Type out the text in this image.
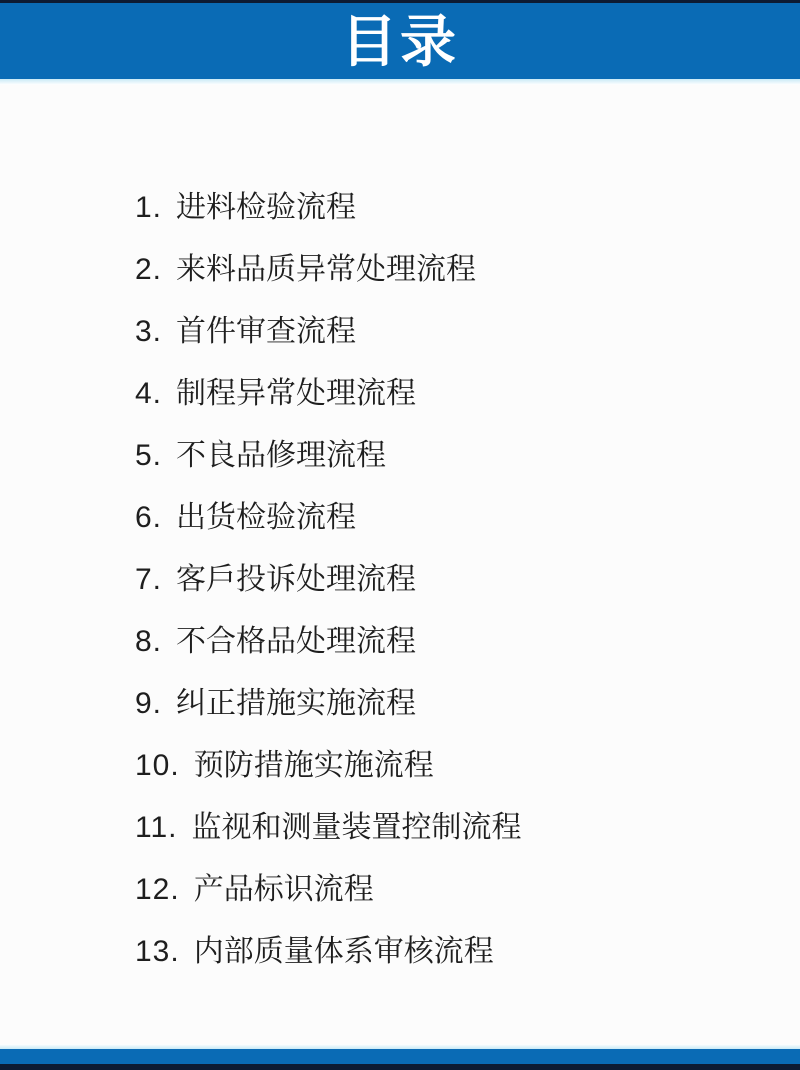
目录
1. 进料检验流程
2. 来料品质异常处理流程
3. 首件审查流程
4. 制程异常处理流程
5. 不良品修理流程
6. 出货检验流程
7. 客戶投诉处理流程
8. 不合格品处理流程
9. 纠正措施实施流程
10. 预防措施实施流程
11. 监视和测量装置控制流程
12. 产品标识流程
13. 内部质量体系审核流程
